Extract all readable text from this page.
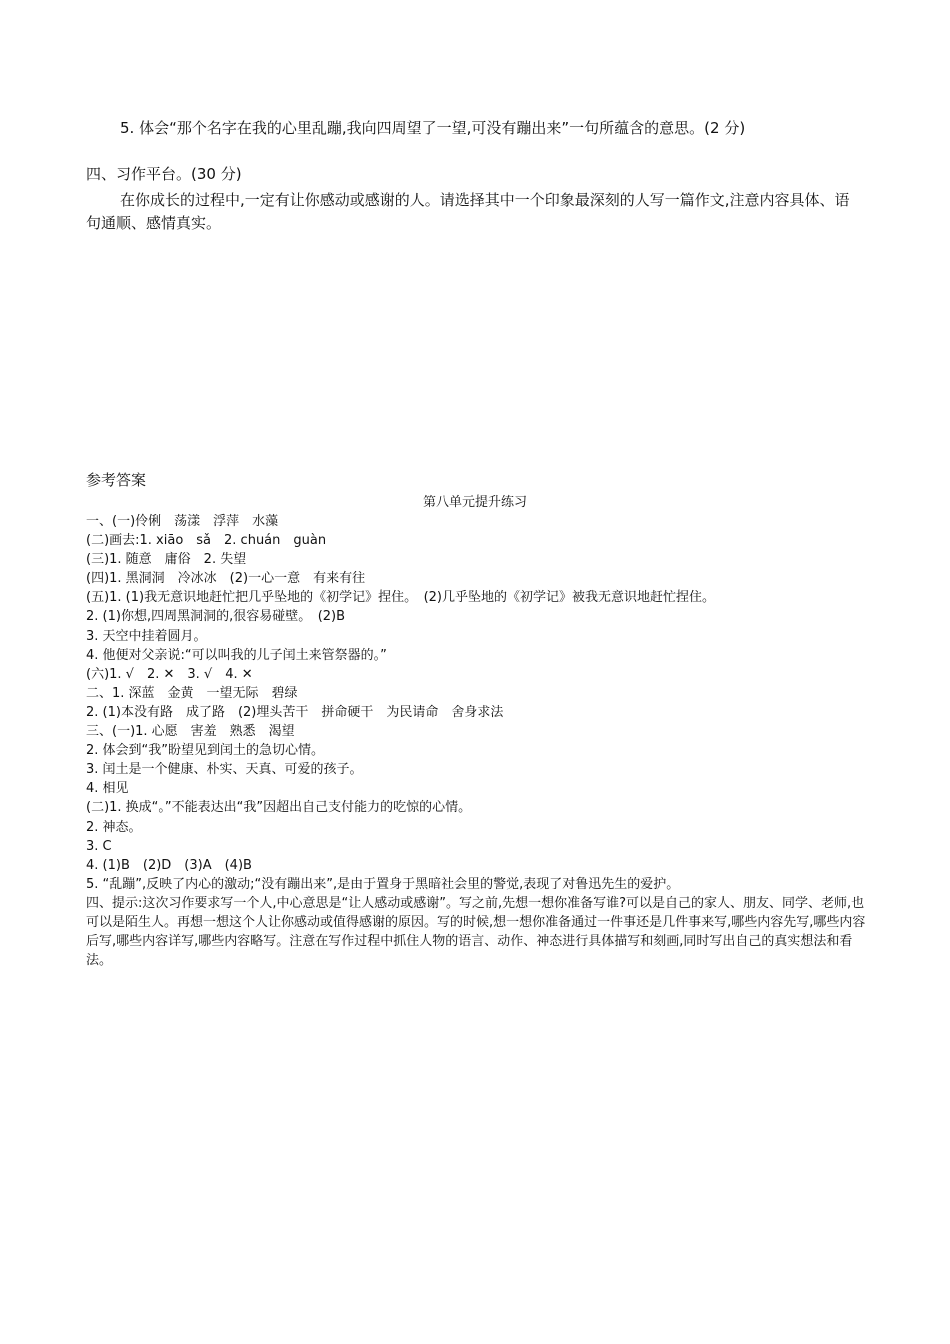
5. 体会“那个名字在我的心里乱蹦,我向四周望了一望,可没有蹦出来”一句所蕴含的意思。(2 分)
四、习作平台。(30 分)
在你成长的过程中,一定有让你感动或感谢的人。请选择其中一个印象最深刻的人写一篇作文,注意内容具体、语句通顺、感情真实。
参考答案
第八单元提升练习
一、(一)伶俐　荡漾　浮萍　水藻
(二)画去:1. xiāo　sǎ　2. chuán　guàn
(三)1. 随意　庸俗　2. 失望
(四)1. 黑洞洞　冷冰冰　(2)一心一意　有来有往
(五)1. (1)我无意识地赶忙把几乎坠地的《初学记》捏住。　(2)几乎坠地的《初学记》被我无意识地赶忙捏住。
2. (1)你想,四周黑洞洞的,很容易碰壁。　(2)B
3. 天空中挂着圆月。
4. 他便对父亲说:“可以叫我的儿子闰土来管祭器的。”
(六)1. √　2. ✕　3. √　4. ✕
二、1. 深蓝　金黄　一望无际　碧绿
2. (1)本没有路　成了路　(2)埋头苦干　拼命硬干　为民请命　舍身求法
三、(一)1. 心愿　害羞　熟悉　渴望
2. 体会到“我”盼望见到闰土的急切心情。
3. 闰土是一个健康、朴实、天真、可爱的孩子。
4. 相见
(二)1. 换成“。”不能表达出“我”因超出自己支付能力的吃惊的心情。
2. 神态。
3. C
4. (1)B　(2)D　(3)A　(4)B
5. “乱蹦”,反映了内心的激动;“没有蹦出来”,是由于置身于黑暗社会里的警觉,表现了对鲁迅先生的爱护。
四、提示:这次习作要求写一个人,中心意思是“让人感动或感谢”。写之前,先想一想你准备写谁?可以是自己的家人、朋友、同学、老师,也可以是陌生人。再想一想这个人让你感动或值得感谢的原因。写的时候,想一想你准备通过一件事还是几件事来写,哪些内容先写,哪些内容后写,哪些内容详写,哪些内容略写。注意在写作过程中抓住人物的语言、动作、神态进行具体描写和刻画,同时写出自己的真实想法和看法。
